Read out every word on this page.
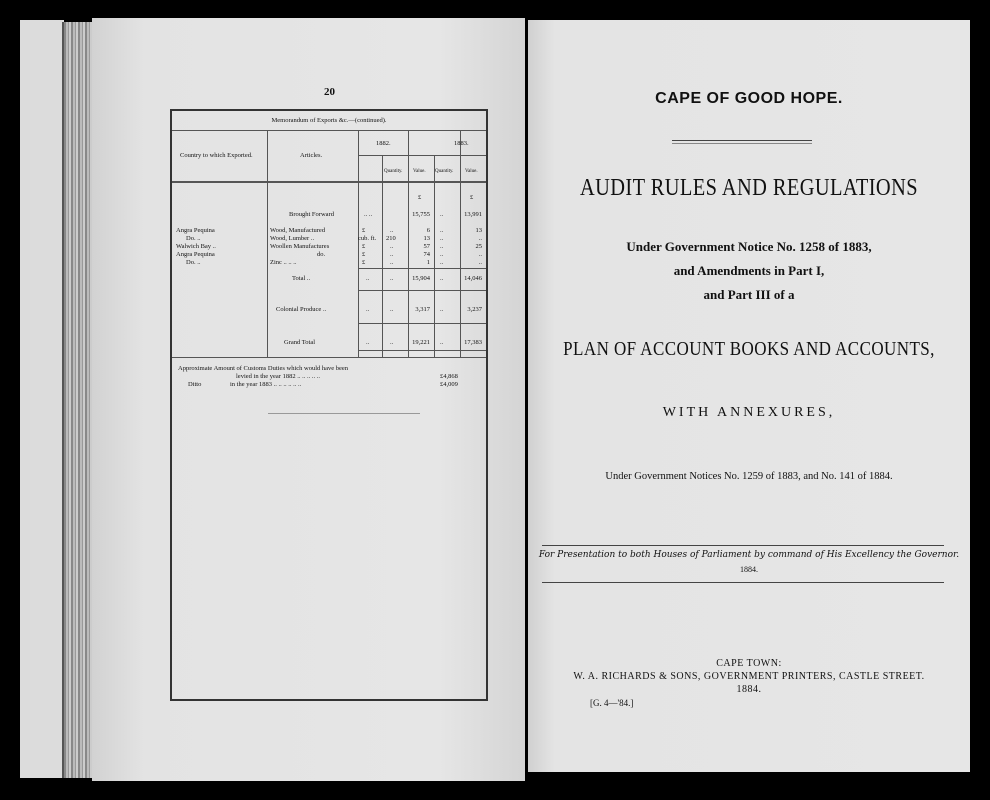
20
Memorandum of Exports &c.—(continued).
Country to which Exported.	Articles.
1882.	1883.
Quantity. Value. Quantity. Value.
£	£
Brought Forward	.. ..	15,755 ..	13,991
Angra Pequina	Wood, Manufactured	£	..	6 ..	13
Do. ..	Wood, Lumber ..	cub. ft. 210	13 ..	..
Walwich Bay ..	Woollen Manufactures	£	..	57 ..	25
Angra Pequina	do.	£	..	74 ..	..
Do. ..	Zinc .. .. ..	£	..	1 ..	..
Total ..	..	..	15,904 ..	14,046
Colonial Produce ..	..	..	3,317 ..	3,237
Grand Total	..	..	19,221 ..	17,383
Approximate Amount of Customs Duties which would have been
levied in the year 1882 .. .. .. .. ..	£4,868
Ditto	in the year 1883 .. .. .. .. .. ..	£4,009
CAPE OF GOOD HOPE.
AUDIT RULES AND REGULATIONS
Under Government Notice No. 1258 of 1883,
and Amendments in Part I,
and Part III of a
PLAN OF ACCOUNT BOOKS AND ACCOUNTS,
WITH ANNEXURES,
Under Government Notices No. 1259 of 1883, and No. 141 of 1884.
For Presentation to both Houses of Parliament by command of His Excellency the Governor.
1884.
CAPE TOWN:
W. A. RICHARDS & SONS, GOVERNMENT PRINTERS, CASTLE STREET.
1884.
[G. 4—'84.]
